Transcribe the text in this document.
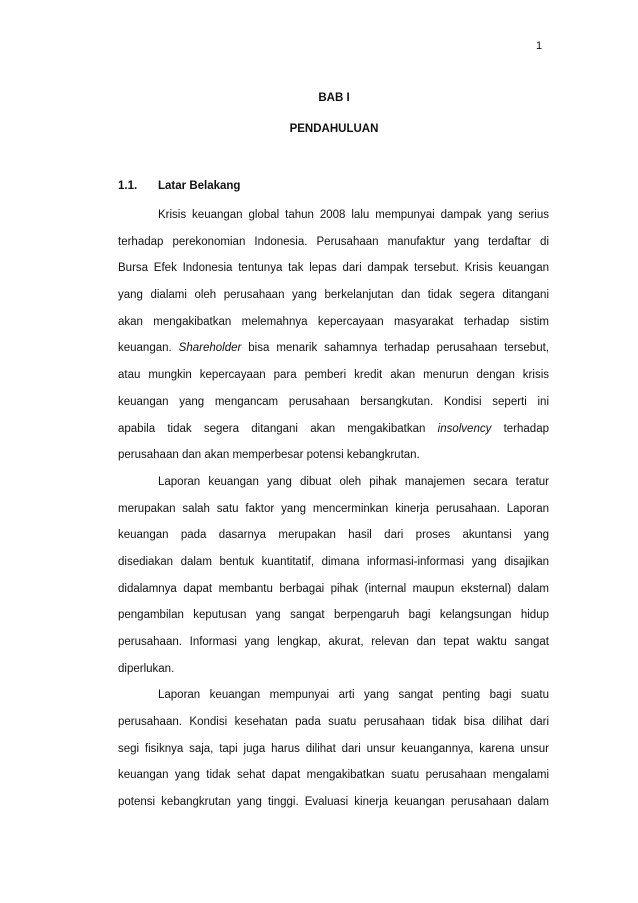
1
BAB I
PENDAHULUAN
1.1. Latar Belakang
Krisis keuangan global tahun 2008 lalu mempunyai dampak yang serius
terhadap perekonomian Indonesia. Perusahaan manufaktur yang terdaftar di
Bursa Efek Indonesia tentunya tak lepas dari dampak tersebut. Krisis keuangan
yang dialami oleh perusahaan yang berkelanjutan dan tidak segera ditangani
akan mengakibatkan melemahnya kepercayaan masyarakat terhadap sistim
keuangan. Shareholder bisa menarik sahamnya terhadap perusahaan tersebut,
atau mungkin kepercayaan para pemberi kredit akan menurun dengan krisis
keuangan yang mengancam perusahaan bersangkutan. Kondisi seperti ini
apabila tidak segera ditangani akan mengakibatkan insolvency terhadap
perusahaan dan akan memperbesar potensi kebangkrutan.
Laporan keuangan yang dibuat oleh pihak manajemen secara teratur
merupakan salah satu faktor yang mencerminkan kinerja perusahaan. Laporan
keuangan pada dasarnya merupakan hasil dari proses akuntansi yang
disediakan dalam bentuk kuantitatif, dimana informasi-informasi yang disajikan
didalamnya dapat membantu berbagai pihak (internal maupun eksternal) dalam
pengambilan keputusan yang sangat berpengaruh bagi kelangsungan hidup
perusahaan. Informasi yang lengkap, akurat, relevan dan tepat waktu sangat
diperlukan.
Laporan keuangan mempunyai arti yang sangat penting bagi suatu
perusahaan. Kondisi kesehatan pada suatu perusahaan tidak bisa dilihat dari
segi fisiknya saja, tapi juga harus dilihat dari unsur keuangannya, karena unsur
keuangan yang tidak sehat dapat mengakibatkan suatu perusahaan mengalami
potensi kebangkrutan yang tinggi. Evaluasi kinerja keuangan perusahaan dalam
